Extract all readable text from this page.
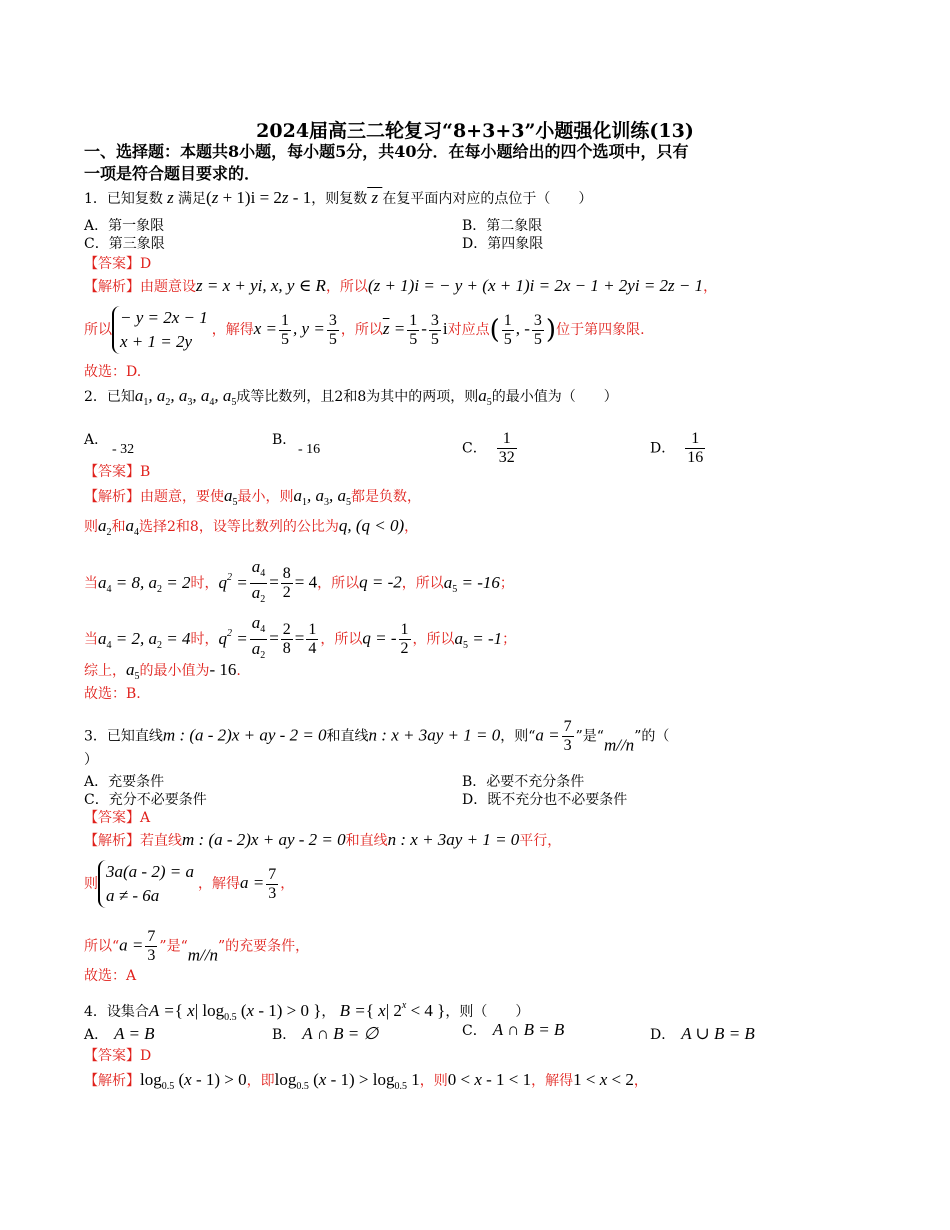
2024届高三二轮复习“8+3+3”小题强化训练(13)
一、选择题：本题共8小题，每小题5分，共40分．在每小题给出的四个选项中，只有
一项是符合题目要求的．
1．已知复数 z 满足(z + 1)i = 2z - 1，则复数 z 在复平面内对应的点位于（　　）
A．第一象限	B．第二象限
C．第三象限	D．第四象限
【答案】D
【解析】由题意设z = x + yi, x, y ∈ R，所以(z + 1)i = − y + (x + 1)i = 2x − 1 + 2yi = 2z − 1，
所以
− y = 2x − 1
x + 1 = 2y
，解得$x = \frac{1}{5}$ , $y = \frac{3}{5}$ ，所以$\overline{z} = \frac{1}{5} - \frac{3}{5}$ i对应点( $\frac{1}{5}$ , - $\frac{3}{5}$ )位于第四象限.
故选：D.
2．已知$a_1$, $a_2$, $a_3$, $a_4$, $a_5$成等比数列，且2和8为其中的两项，则$a_5$的最小值为（　　）
A．
- 32
B．
- 16	C． $\frac{1}{32}$	D． $\frac{1}{16}$
【答案】B
【解析】由题意，要使$a_5$最小，则$a_1$, $a_3$, $a_5$都是负数，
则$a_2$和$a_4$选择2和8，设等比数列的公比为q, (q < 0)，
当$a_4 = 8$, $a_2 = 2$时，$q^2 = \frac{a_4}{a_2} = \frac{8}{2} = 4$，所以q = -2，所以$a_5 = -16$；
当$a_4 = 2$, $a_2 = 4$时，$q^2 = \frac{a_4}{a_2} = \frac{2}{8} = \frac{1}{4}$ ，所以q = - $\frac{1}{2}$ ，所以$a_5 = -1$；
综上，$a_5$的最小值为- 16.
故选：B.
3．已知直线m : (a - 2)x + ay - 2 = 0和直线n : x + 3ay + 1 = 0，则“$a = \frac{7}{3}$ ”是“m//n”的（
）
A．充要条件	B．必要不充分条件
C．充分不必要条件	D．既不充分也不必要条件
【答案】A
【解析】若直线m : (a - 2)x + ay - 2 = 0和直线n : x + 3ay + 1 = 0平行，
则
3a(a - 2) = a
a ≠ - 6a
，解得$a = \frac{7}{3}$ ，
所以“$a = \frac{7}{3}$ ”是“m//n”的充要条件，
故选：A
4．设集合A ={ x| $\log_{0.5} (x - 1) > 0$ }， B ={ x| $2^x < 4$ }，则（　　）
A． A = B	B． A ∩ B = ∅	C． A ∩ B = B	D． A ∪ B = B
【答案】D
【解析】$\log_{0.5} (x - 1) > 0$，即$\log_{0.5} (x - 1) > \log_{0.5} 1$，则0 < x - 1 < 1，解得1 < x < 2，
